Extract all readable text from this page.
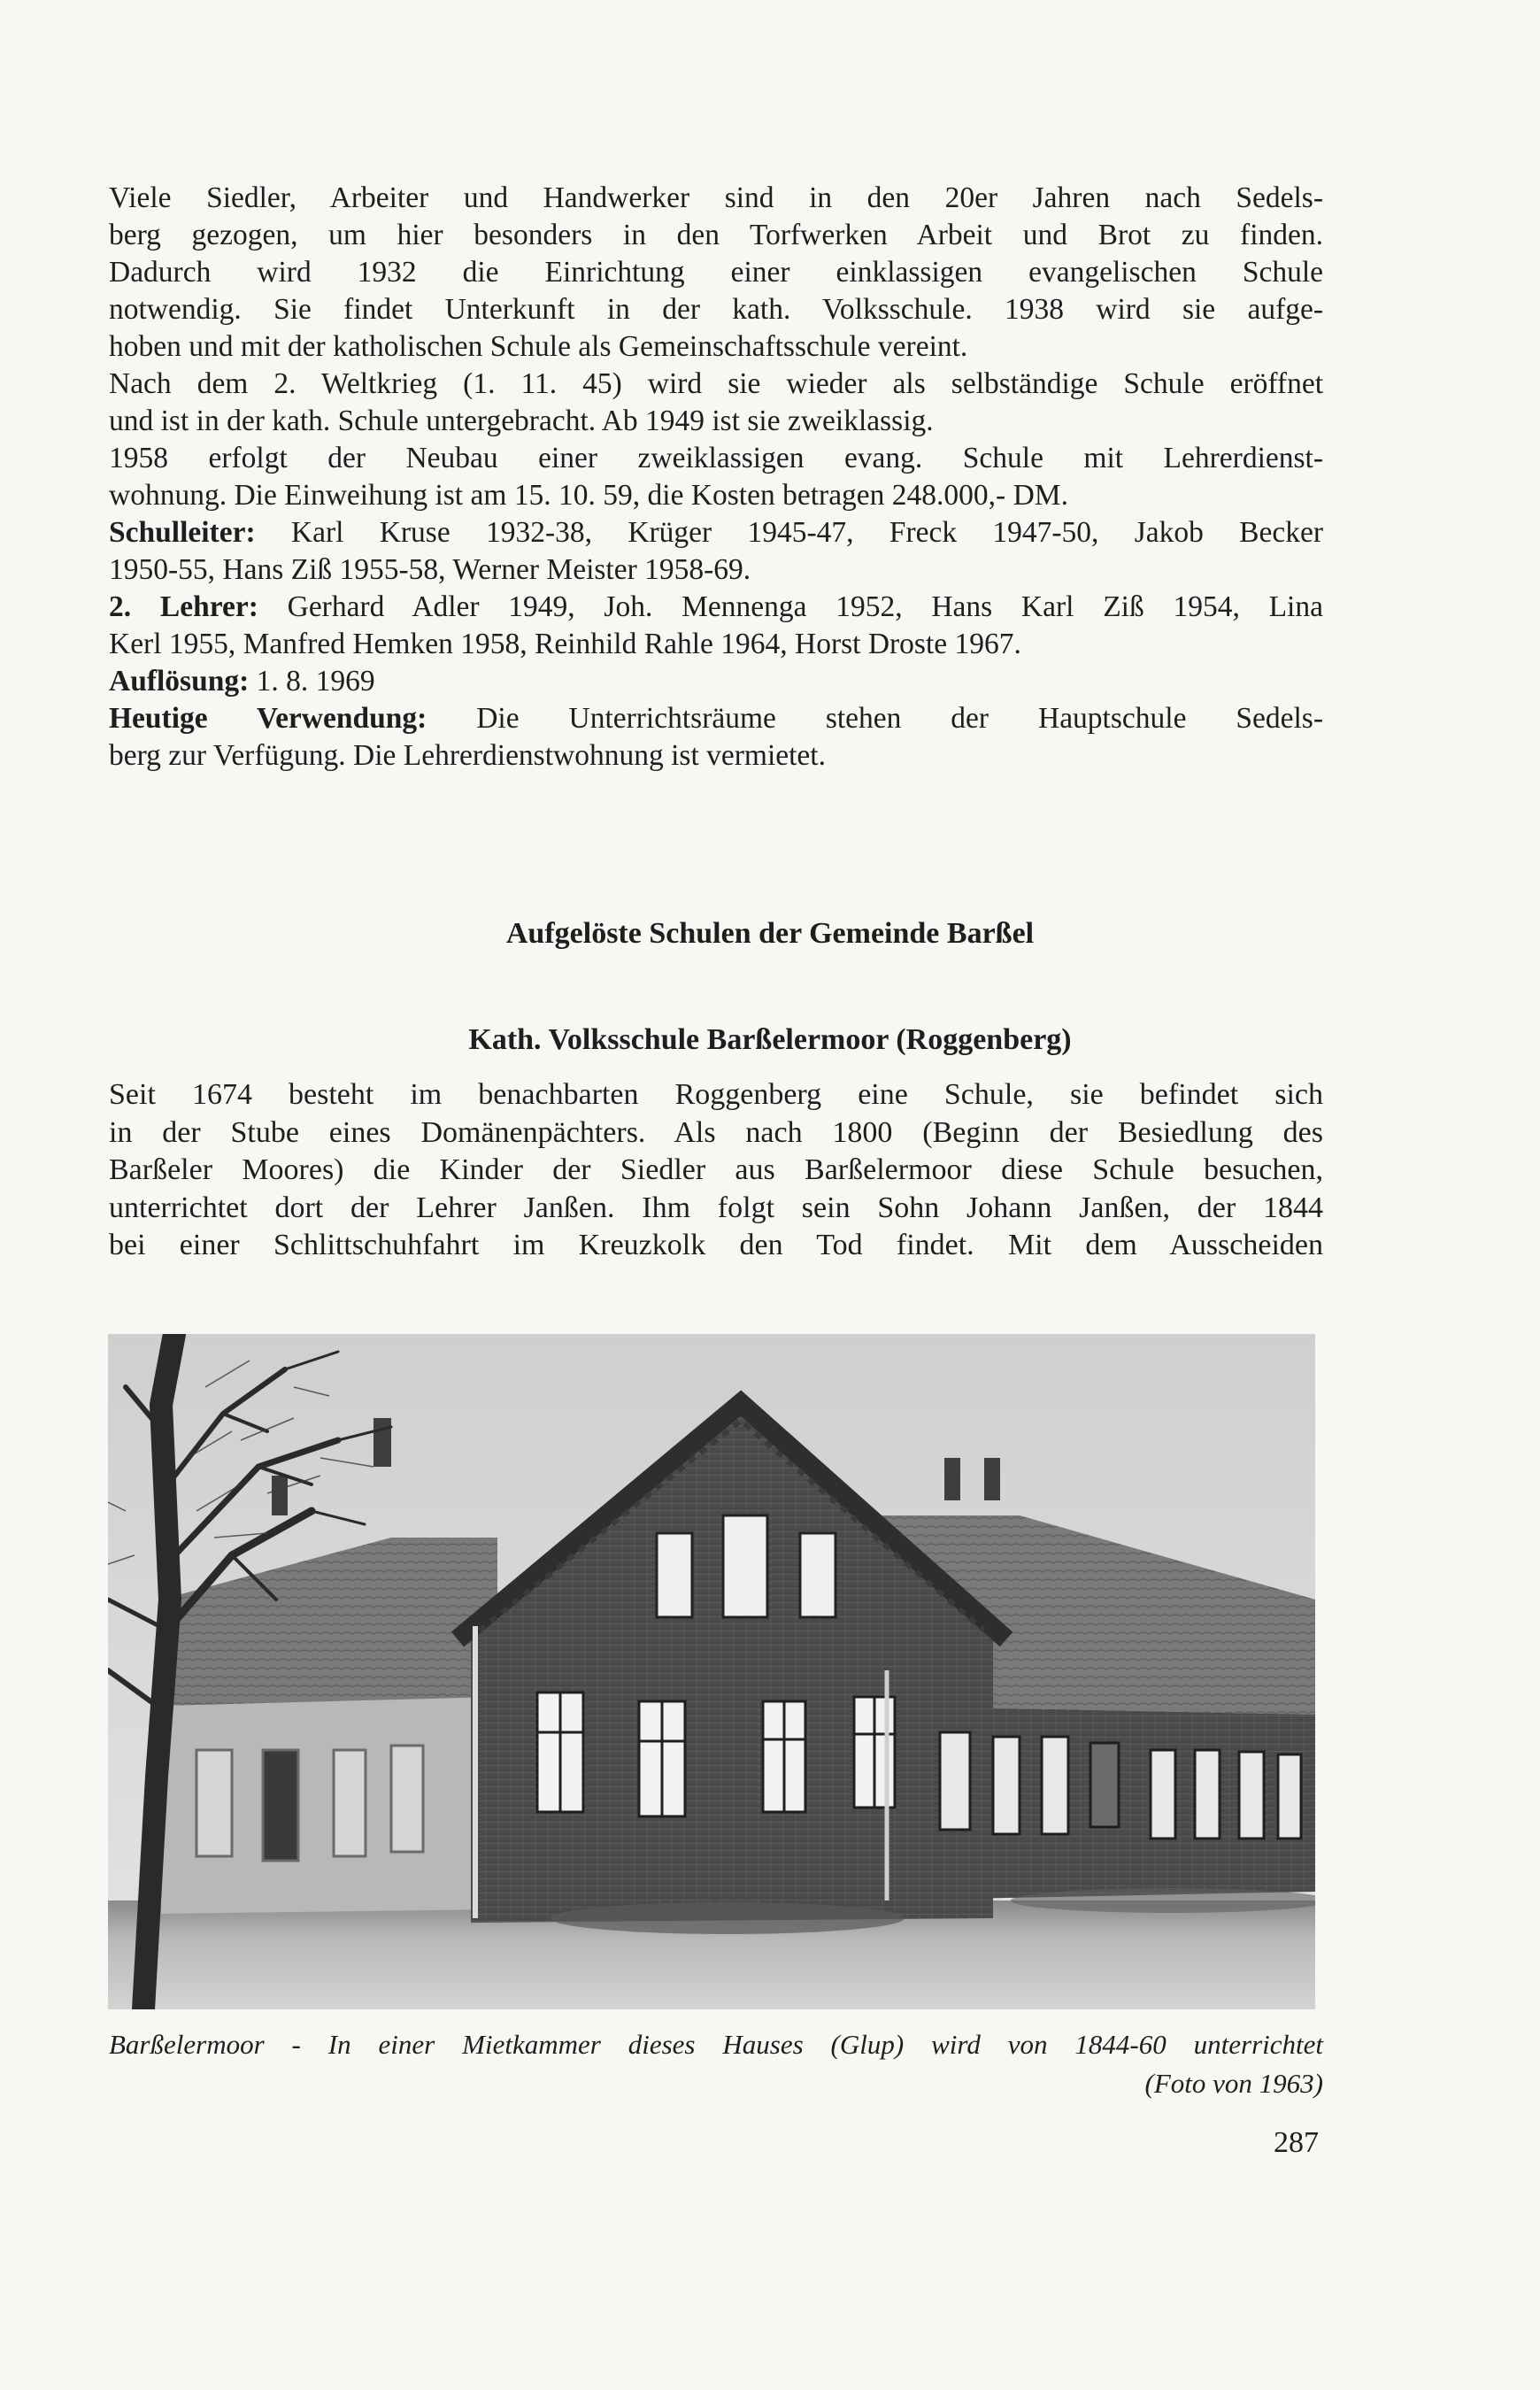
Viele Siedler, Arbeiter und Handwerker sind in den 20er Jahren nach Sedels-
berg gezogen, um hier besonders in den Torfwerken Arbeit und Brot zu finden.
Dadurch wird 1932 die Einrichtung einer einklassigen evangelischen Schule
notwendig. Sie findet Unterkunft in der kath. Volksschule. 1938 wird sie aufge-
hoben und mit der katholischen Schule als Gemeinschaftsschule vereint.

Nach dem 2. Weltkrieg (1. 11. 45) wird sie wieder als selbständige Schule eröffnet
und ist in der kath. Schule untergebracht. Ab 1949 ist sie zweiklassig.

1958 erfolgt der Neubau einer zweiklassigen evang. Schule mit Lehrerdienst-
wohnung. Die Einweihung ist am 15. 10. 59, die Kosten betragen 248.000,- DM.

Schulleiter: Karl Kruse 1932-38, Krüger 1945-47, Freck 1947-50, Jakob Becker
1950-55, Hans Ziß 1955-58, Werner Meister 1958-69.

2. Lehrer: Gerhard Adler 1949, Joh. Mennenga 1952, Hans Karl Ziß 1954, Lina
Kerl 1955, Manfred Hemken 1958, Reinhild Rahle 1964, Horst Droste 1967.

Auflösung: 1. 8. 1969

Heutige Verwendung: Die Unterrichtsräume stehen der Hauptschule Sedels-
berg zur Verfügung. Die Lehrerdienstwohnung ist vermietet.

Aufgelöste Schulen der Gemeinde Barßel
Kath. Volksschule Barßelermoor (Roggenberg)
Seit 1674 besteht im benachbarten Roggenberg eine Schule, sie befindet sich
in der Stube eines Domänenpächters. Als nach 1800 (Beginn der Besiedlung des
Barßeler Moores) die Kinder der Siedler aus Barßelermoor diese Schule besuchen,
unterrichtet dort der Lehrer Janßen. Ihm folgt sein Sohn Johann Janßen, der 1844
bei einer Schlittschuhfahrt im Kreuzkolk den Tod findet. Mit dem Ausscheiden
Barßelermoor - In einer Mietkammer dieses Hauses (Glup) wird von 1844-60 unterrichtet
(Foto von 1963)
287
